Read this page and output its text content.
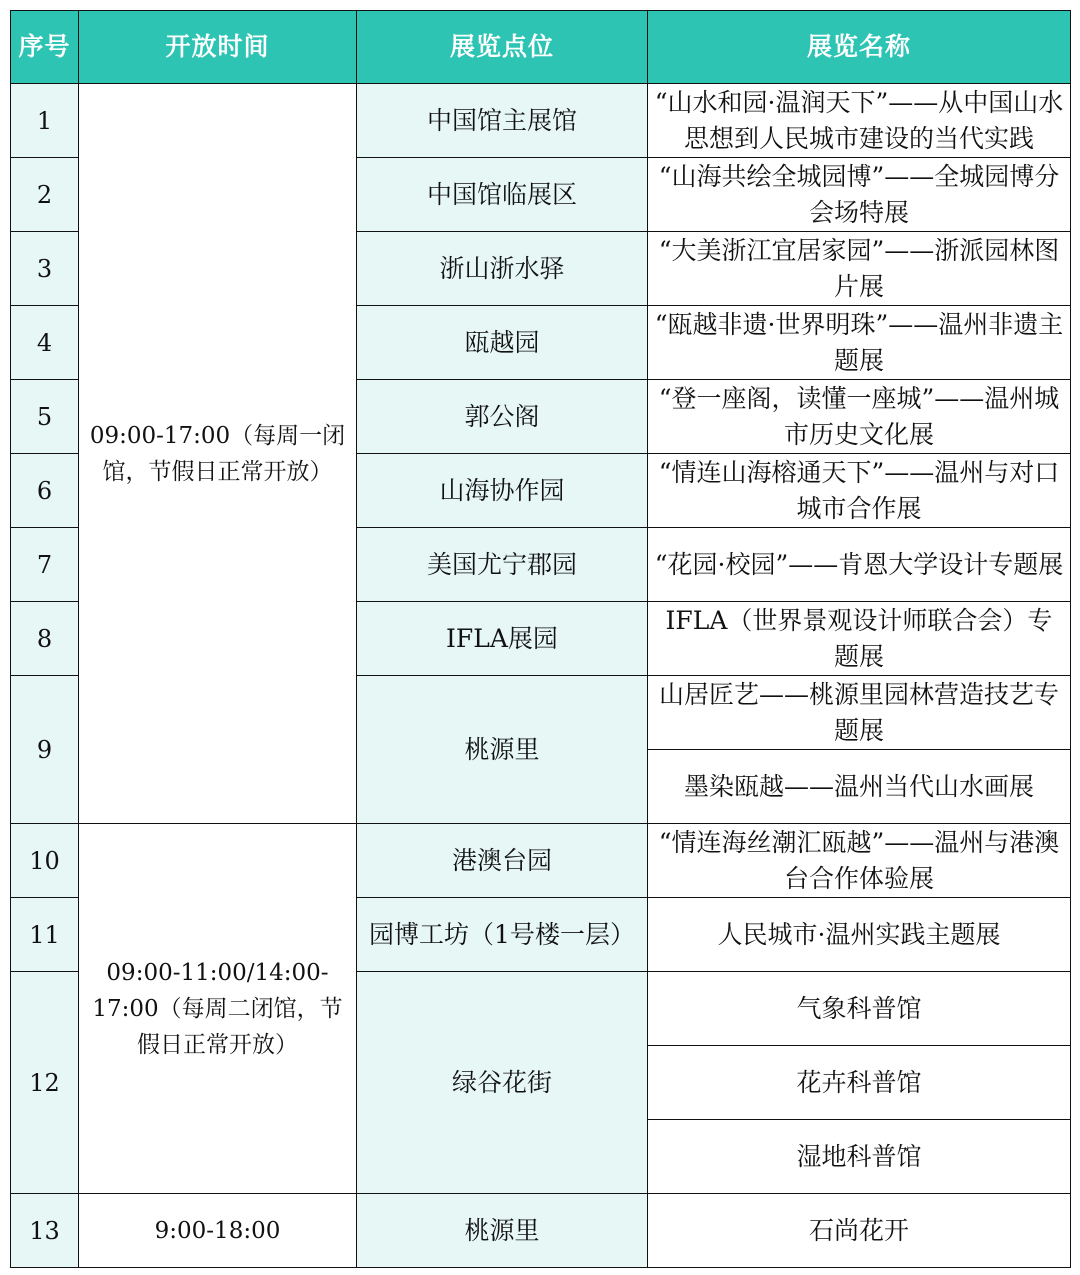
序号	开放时间	展览点位	展览名称
1	09:00-17:00（每周一闭馆，节假日正常开放）	中国馆主展馆	“山水和园·温润天下”——从中国山水思想到人民城市建设的当代实践
2		中国馆临展区	“山海共绘全城园博”——全城园博分会场特展
3		浙山浙水驿	“大美浙江宜居家园”——浙派园林图片展
4		瓯越园	“瓯越非遗·世界明珠”——温州非遗主题展
5		郭公阁	“登一座阁，读懂一座城”——温州城市历史文化展
6		山海协作园	“情连山海榕通天下”——温州与对口城市合作展
7		美国尤宁郡园	“花园·校园”——肯恩大学设计专题展
8		IFLA展园	IFLA（世界景观设计师联合会）专题展
9		桃源里	山居匠艺——桃源里园林营造技艺专题展
			墨染瓯越——温州当代山水画展
10	09:00-11:00/14:00-17:00（每周二闭馆，节假日正常开放）	港澳台园	“情连海丝潮汇瓯越”——温州与港澳台合作体验展
11		园博工坊（1号楼一层）	人民城市·温州实践主题展
12		绿谷花街	气象科普馆
			花卉科普馆
			湿地科普馆
13	9:00-18:00	桃源里	石尚花开
